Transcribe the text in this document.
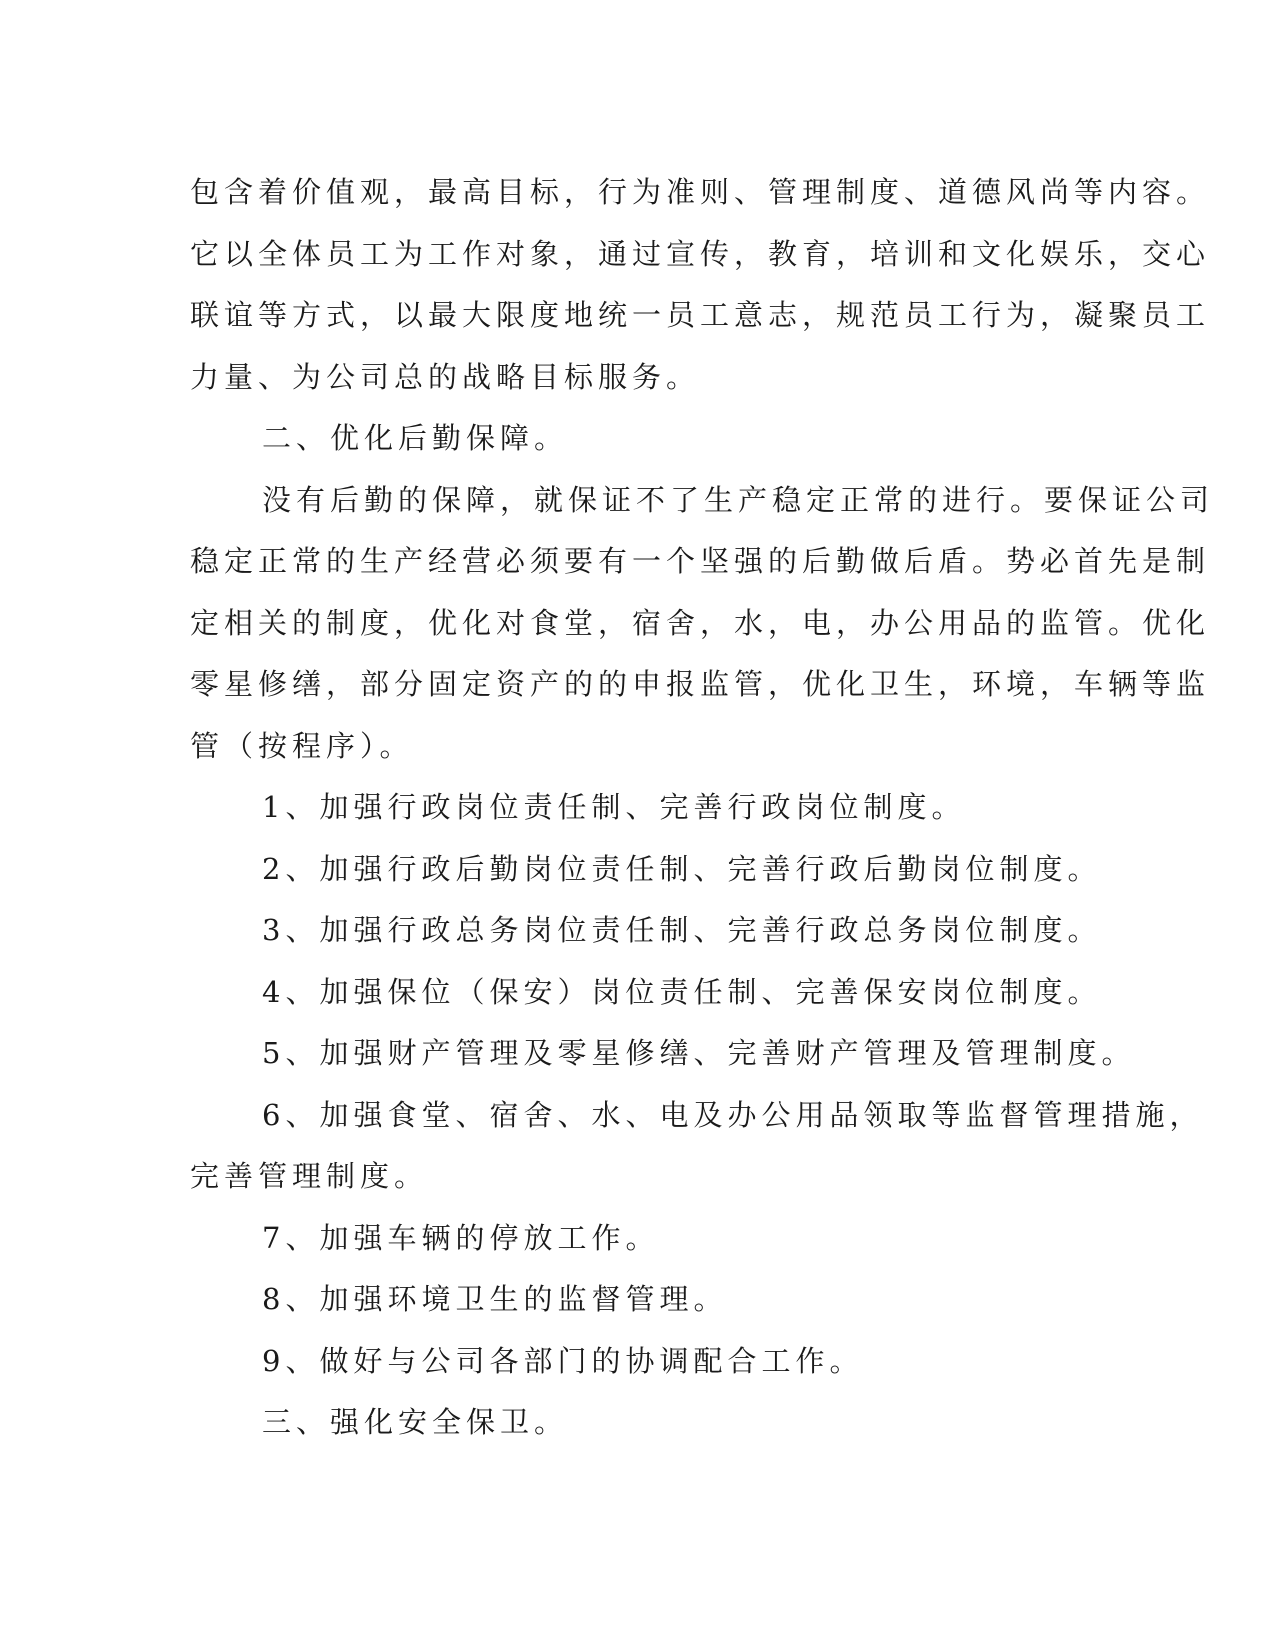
包含着价值观，最高目标，行为准则、管理制度、道德风尚等内容。
它以全体员工为工作对象，通过宣传，教育，培训和文化娱乐，交心
联谊等方式，以最大限度地统一员工意志，规范员工行为，凝聚员工
力量、为公司总的战略目标服务。
二、优化后勤保障。
没有后勤的保障，就保证不了生产稳定正常的进行。要保证公司
稳定正常的生产经营必须要有一个坚强的后勤做后盾。势必首先是制
定相关的制度，优化对食堂，宿舍，水，电，办公用品的监管。优化
零星修缮，部分固定资产的的申报监管，优化卫生，环境，车辆等监
管（按程序）。
1、加强行政岗位责任制、完善行政岗位制度。
2、加强行政后勤岗位责任制、完善行政后勤岗位制度。
3、加强行政总务岗位责任制、完善行政总务岗位制度。
4、加强保位（保安）岗位责任制、完善保安岗位制度。
5、加强财产管理及零星修缮、完善财产管理及管理制度。
6、加强食堂、宿舍、水、电及办公用品领取等监督管理措施，
完善管理制度。
7、加强车辆的停放工作。
8、加强环境卫生的监督管理。
9、做好与公司各部门的协调配合工作。
三、强化安全保卫。
